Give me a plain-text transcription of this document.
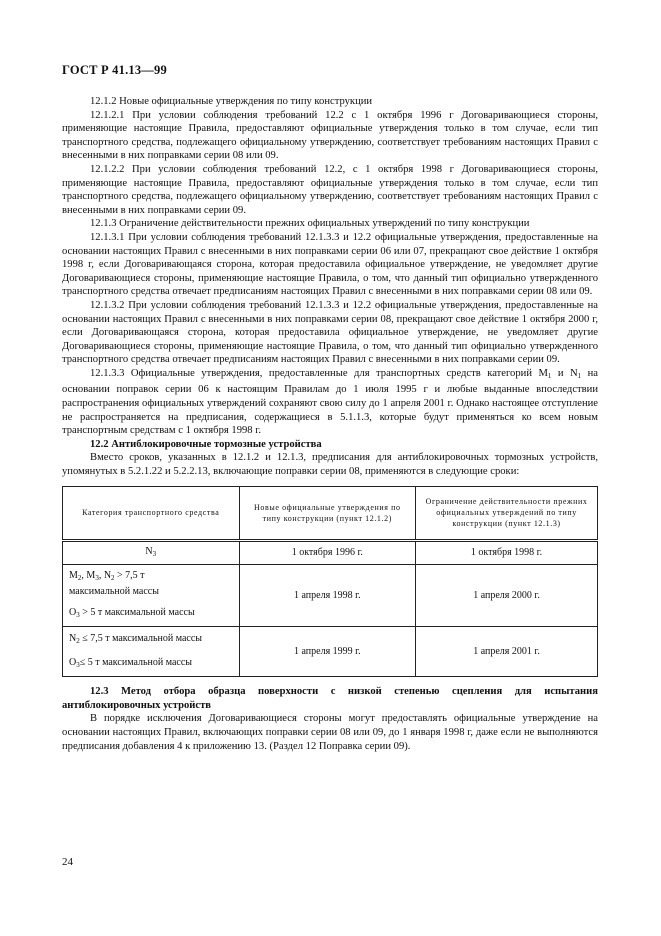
ГОСТ Р 41.13—99

12.1.2 Новые официальные утверждения по типу конструкции

12.1.2.1 При условии соблюдения требований 12.2 с 1 октября 1996 г Договаривающиеся стороны, применяющие настоящие Правила, предоставляют официальные утверждения только в том случае, если тип транспортного средства, подлежащего официальному утверждению, соответствует требованиям настоящих Правил с внесенными в них поправками серии 08 или 09.

12.1.2.2 При условии соблюдения требований 12.2, с 1 октября 1998 г Договаривающиеся стороны, применяющие настоящие Правила, предоставляют официальные утверждения только в том случае, если тип транспортного средства, подлежащего официальному утверждению, соответствует требованиям настоящих Правил с внесенными в них поправками серии 09.

12.1.3 Ограничение действительности прежних официальных утверждений по типу конструкции

12.1.3.1 При условии соблюдения требований 12.1.3.3 и 12.2 официальные утверждения, предоставленные на основании настоящих Правил с внесенными в них поправками серии 06 или 07, прекращают свое действие 1 октября 1998 г, если Договаривающаяся сторона, которая предоставила официальное утверждение, не уведомляет другие Договаривающиеся стороны, применяющие настоящие Правила, о том, что данный тип официально утвержденного транспортного средства отвечает предписаниям настоящих Правил с внесенными в них поправками серии 08 или 09.

12.1.3.2 При условии соблюдения требований 12.1.3.3 и 12.2 официальные утверждения, предоставленные на основании настоящих Правил с внесенными в них поправками серии 08, прекращают свое действие 1 октября 2000 г, если Договаривающаяся сторона, которая предоставила официальное утверждение, не уведомляет другие Договаривающиеся стороны, применяющие настоящие Правила, о том, что данный тип официально утвержденного транспортного средства отвечает предписаниям настоящих Правил с внесенными в них поправками серии 09.

12.1.3.3 Официальные утверждения, предоставленные для транспортных средств категорий $M_1$ и $N_1$ на основании поправок серии 06 к настоящим Правилам до 1 июля 1995 г и любые выданные впоследствии распространения официальных утверждений сохраняют свою силу до 1 апреля 2001 г. Однако настоящее отступление не распространяется на предписания, содержащиеся в 5.1.1.3, которые будут применяться ко всем новым транспортным средствам с 1 октября 1998 г.

12.2 Антиблокировочные тормозные устройства

Вместо сроков, указанных в 12.1.2 и 12.1.3, предписания для антиблокировочных тормозных устройств, упомянутых в 5.2.1.22 и 5.2.2.13, включающие поправки серии 08, применяются в следующие сроки:

Категория транспортного средства	Новые официальные утверждения по типу конструкции (пункт 12.1.2)	Ограничение действительности прежних официальных утверждений по типу конструкции (пункт 12.1.3)
$N_3$	1 октября 1996 г.	1 октября 1998 г.

$M_2$, $M_3$, $N_2 > 7,5$ т
максимальной массы
$O_3 > 5$ т максимальной массы	1 апреля 1998 г.	1 апреля 2000 г.

$N_2 \le 7,5$ т максимальной массы
$O_3\le 5$ т максимальной массы	1 апреля 1999 г.	1 апреля 2001 г.

12.3 Метод отбора образца поверхности с низкой степенью сцепления для испытания антиблокировочных устройств

В порядке исключения Договаривающиеся стороны могут предоставлять официальные утверждение на основании настоящих Правил, включающих поправки серии 08 или 09, до 1 января 1998 г, даже если не выполняются предписания добавления 4 к приложению 13. (Раздел 12 Поправка серии 09).

24
